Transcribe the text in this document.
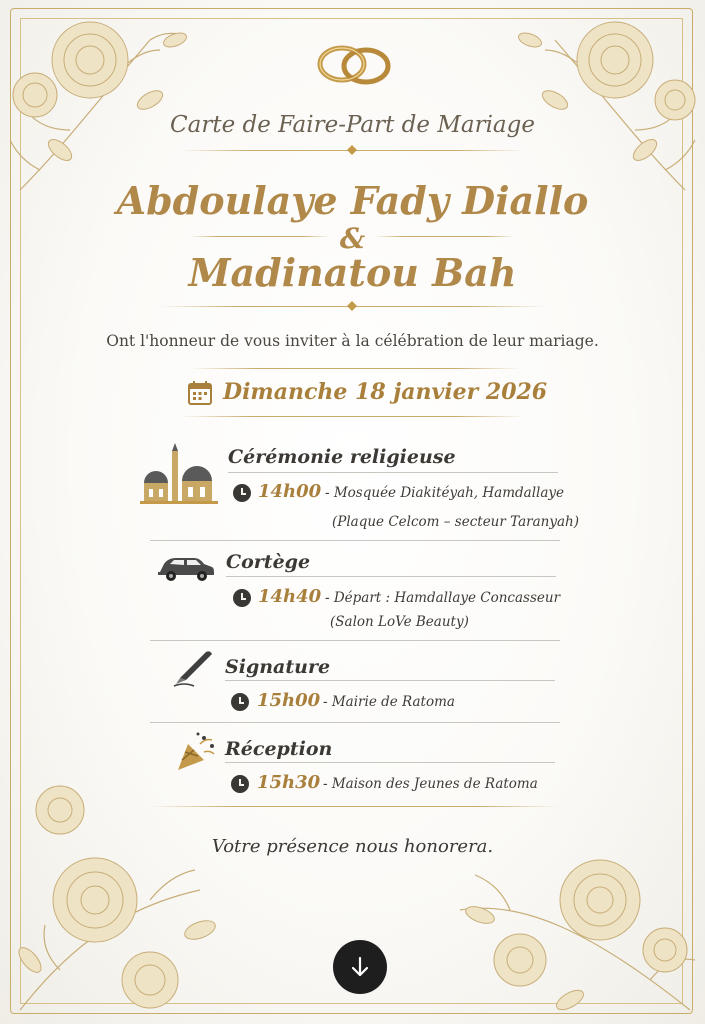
Carte de Faire-Part de Mariage
Abdoulaye Fady Diallo
&
Madinatou Bah
Ont l'honneur de vous inviter à la célébration de leur mariage.
Dimanche 18 janvier 2026
Cérémonie religieuse
14h00 - Mosquée Diakitéyah, Hamdallaye
(Plaque Celcom – secteur Taranyah)
Cortège
14h40 - Départ : Hamdallaye Concasseur
(Salon LoVe Beauty)
Signature
15h00 - Mairie de Ratoma
Réception
15h30 - Maison des Jeunes de Ratoma
Votre présence nous honorera.
